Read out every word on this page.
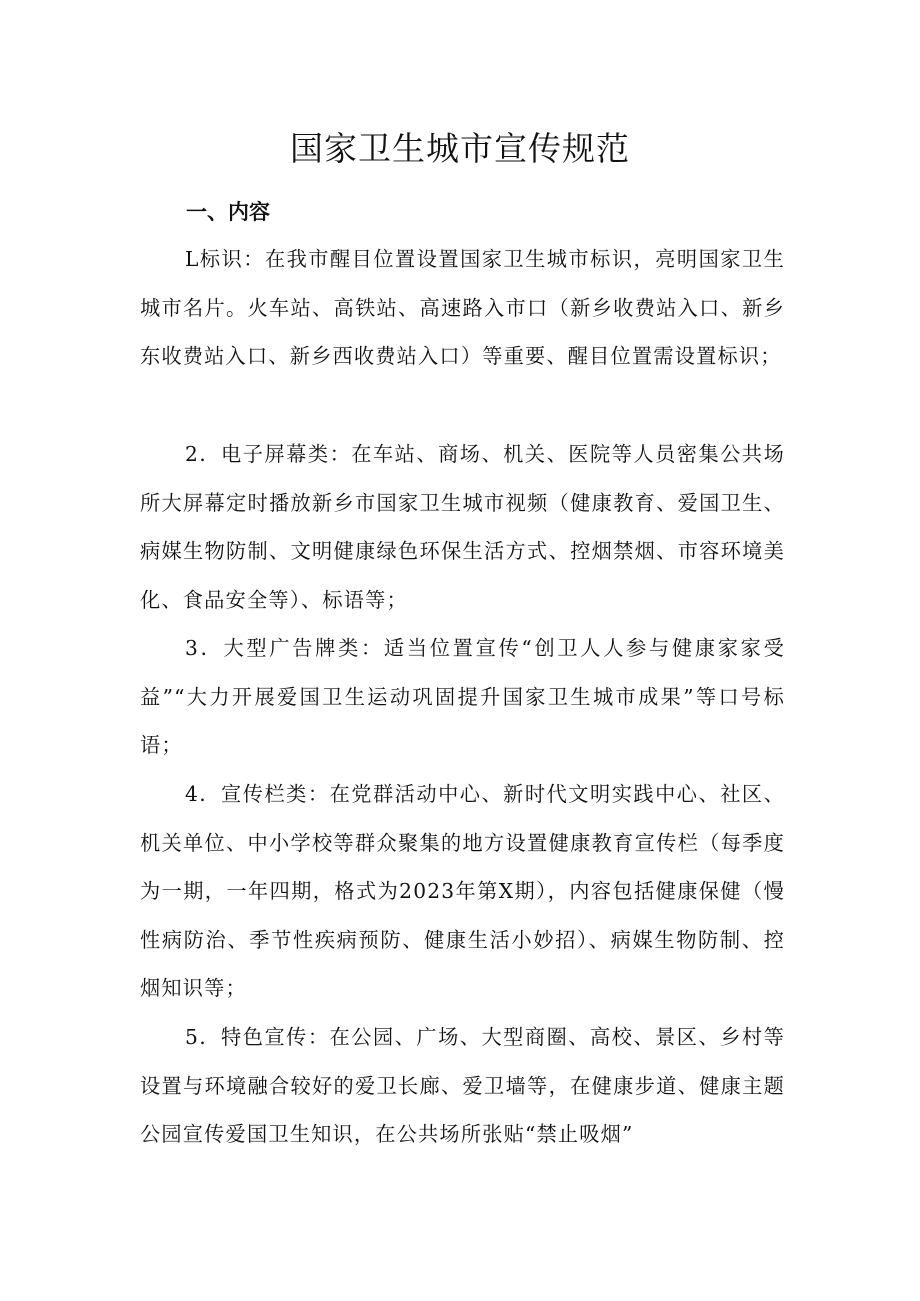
国家卫生城市宣传规范
一、内容

L标识：在我市醒目位置设置国家卫生城市标识，亮明国家卫生城市名片。火车站、高铁站、高速路入市口（新乡收费站入口、新乡东收费站入口、新乡西收费站入口）等重要、醒目位置需设置标识；

2．电子屏幕类：在车站、商场、机关、医院等人员密集公共场所大屏幕定时播放新乡市国家卫生城市视频（健康教育、爱国卫生、病媒生物防制、文明健康绿色环保生活方式、控烟禁烟、市容环境美化、食品安全等）、标语等；

3．大型广告牌类：适当位置宣传“创卫人人参与健康家家受益”“大力开展爱国卫生运动巩固提升国家卫生城市成果”等口号标语；

4．宣传栏类：在党群活动中心、新时代文明实践中心、社区、机关单位、中小学校等群众聚集的地方设置健康教育宣传栏（每季度为一期，一年四期，格式为2023年第X期），内容包括健康保健（慢性病防治、季节性疾病预防、健康生活小妙招）、病媒生物防制、控烟知识等；

5．特色宣传：在公园、广场、大型商圈、高校、景区、乡村等设置与环境融合较好的爱卫长廊、爱卫墙等，在健康步道、健康主题公园宣传爱国卫生知识，在公共场所张贴“禁止吸烟”
